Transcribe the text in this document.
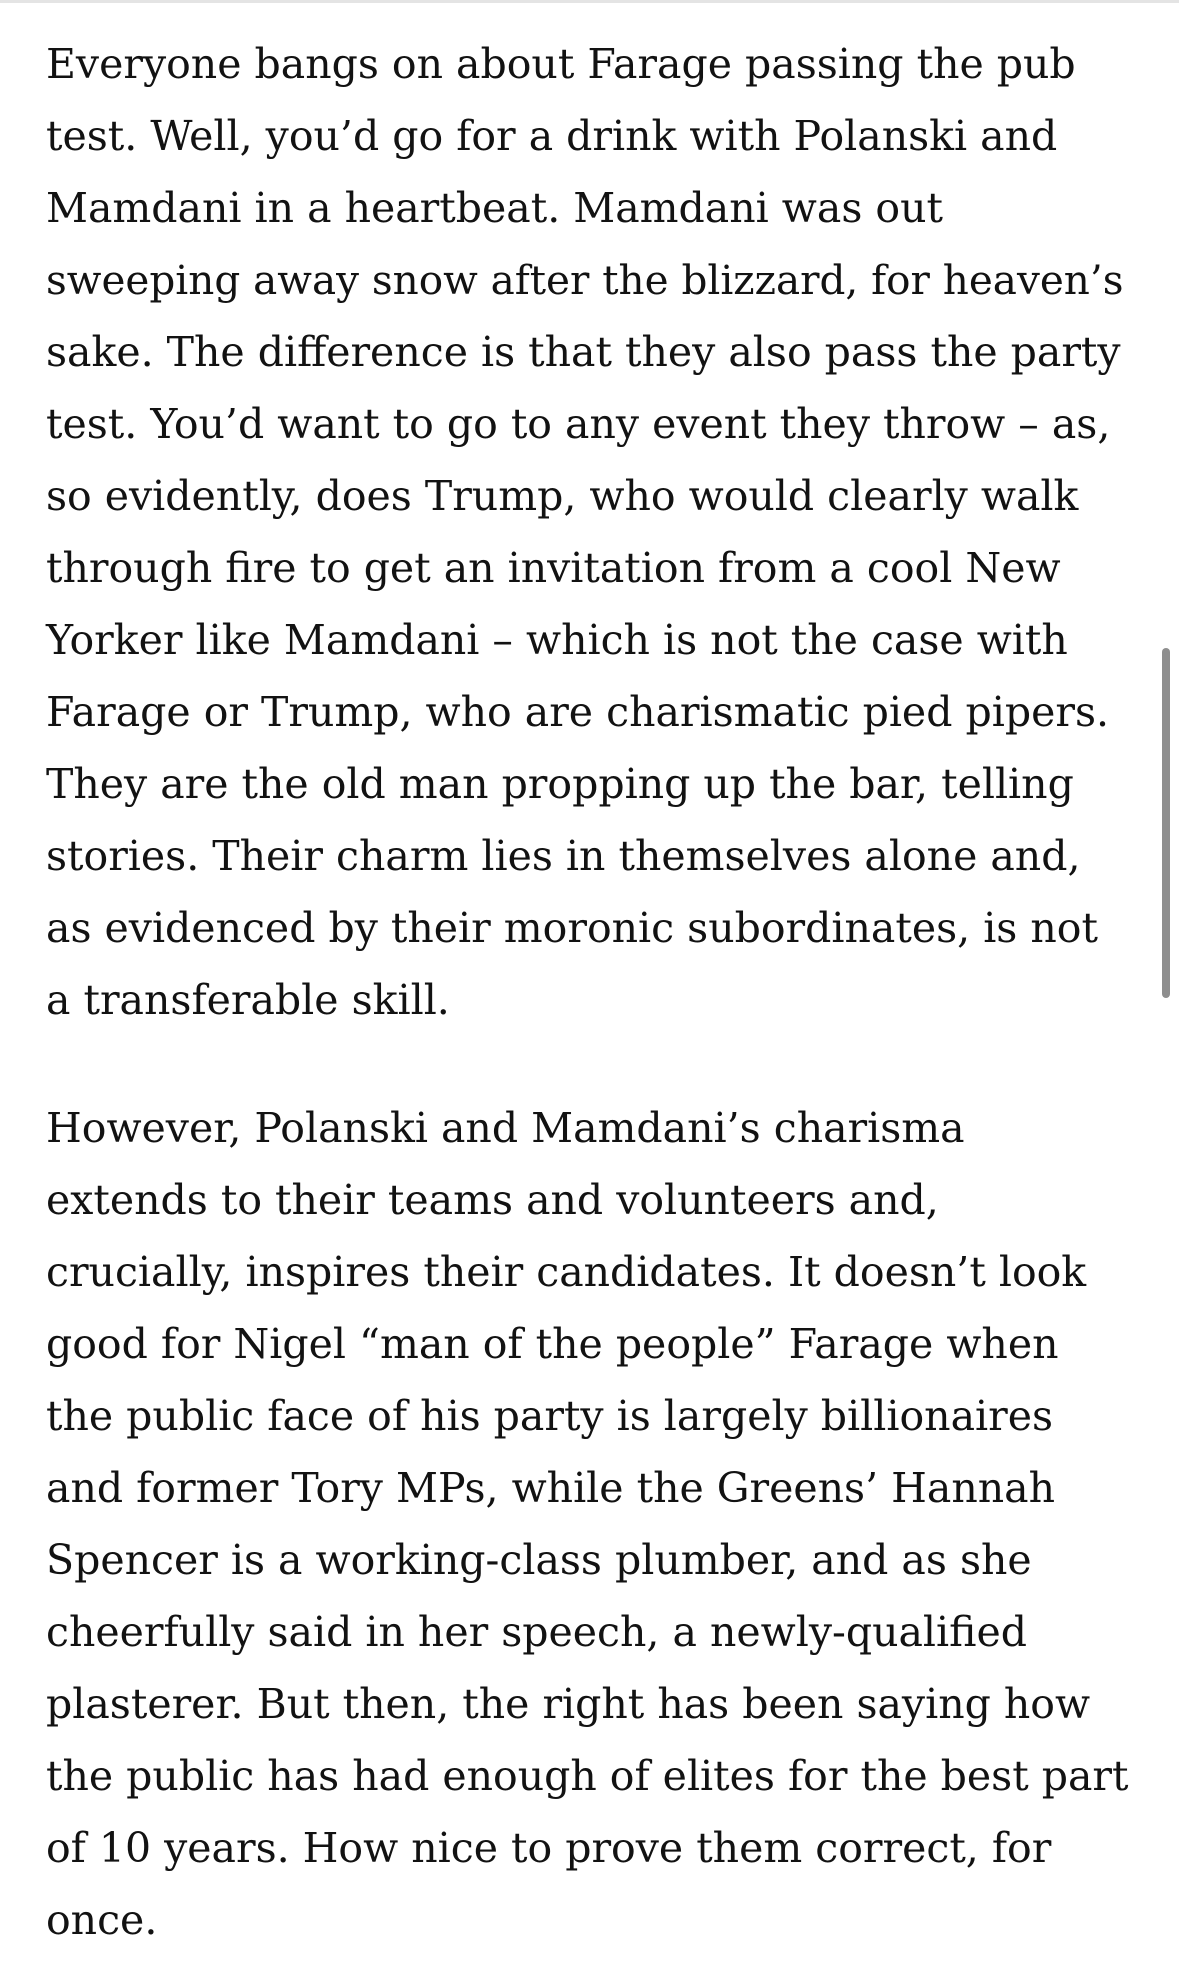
Everyone bangs on about Farage passing the pub
test. Well, you’d go for a drink with Polanski and
Mamdani in a heartbeat. Mamdani was out
sweeping away snow after the blizzard, for heaven’s
sake. The difference is that they also pass the party
test. You’d want to go to any event they throw – as,
so evidently, does Trump, who would clearly walk
through fire to get an invitation from a cool New
Yorker like Mamdani – which is not the case with
Farage or Trump, who are charismatic pied pipers.
They are the old man propping up the bar, telling
stories. Their charm lies in themselves alone and,
as evidenced by their moronic subordinates, is not
a transferable skill.

However, Polanski and Mamdani’s charisma
extends to their teams and volunteers and,
crucially, inspires their candidates. It doesn’t look
good for Nigel “man of the people” Farage when
the public face of his party is largely billionaires
and former Tory MPs, while the Greens’ Hannah
Spencer is a working-class plumber, and as she
cheerfully said in her speech, a newly-qualified
plasterer. But then, the right has been saying how
the public has had enough of elites for the best part
of 10 years. How nice to prove them correct, for
once.
